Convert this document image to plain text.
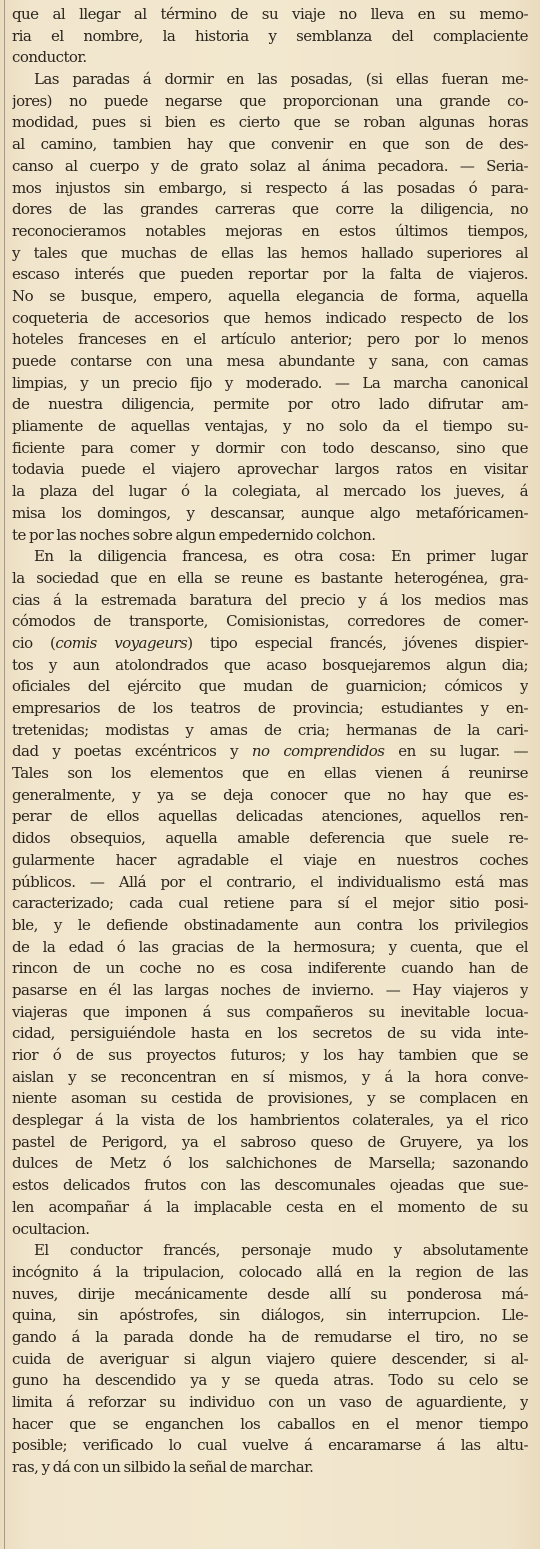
que al llegar al término de su viaje no lleva en su memo-

ria el nombre, la historia y semblanza del complaciente

conductor.

Las paradas á dormir en las posadas, (si ellas fueran me-

jores) no puede negarse que proporcionan una grande co-

modidad, pues si bien es cierto que se roban algunas horas

al camino, tambien hay que convenir en que son de des-

canso al cuerpo y de grato solaz al ánima pecadora. — Seria-

mos injustos sin embargo, si respecto á las posadas ó para-

dores de las grandes carreras que corre la diligencia, no

reconocieramos notables mejoras en estos últimos tiempos,

y tales que muchas de ellas las hemos hallado superiores al

escaso interés que pueden reportar por la falta de viajeros.

No se busque, empero, aquella elegancia de forma, aquella

coqueteria de accesorios que hemos indicado respecto de los

hoteles franceses en el artículo anterior; pero por lo menos

puede contarse con una mesa abundante y sana, con camas

limpias, y un precio fijo y moderado. — La marcha canonical

de nuestra diligencia, permite por otro lado difrutar am-

pliamente de aquellas ventajas, y no solo da el tiempo su-

ficiente para comer y dormir con todo descanso, sino que

todavia puede el viajero aprovechar largos ratos en visitar

la plaza del lugar ó la colegiata, al mercado los jueves, á

misa los domingos, y descansar, aunque algo metafóricamen-

te por las noches sobre algun empedernido colchon.

En la diligencia francesa, es otra cosa: En primer lugar

la sociedad que en ella se reune es bastante heterogénea, gra-

cias á la estremada baratura del precio y á los medios mas

cómodos de transporte, Comisionistas, corredores de comer-

cio (comis voyageurs) tipo especial francés, jóvenes dispier-

tos y aun atolondrados que acaso bosquejaremos algun dia;

oficiales del ejército que mudan de guarnicion; cómicos y

empresarios de los teatros de provincia; estudiantes y en-

tretenidas; modistas y amas de cria; hermanas de la cari-

dad y poetas excéntricos y no comprendidos en su lugar. —

Tales son los elementos que en ellas vienen á reunirse

generalmente, y ya se deja conocer que no hay que es-

perar de ellos aquellas delicadas atenciones, aquellos ren-

didos obsequios, aquella amable deferencia que suele re-

gularmente hacer agradable el viaje en nuestros coches

públicos. — Allá por el contrario, el individualismo está mas

caracterizado; cada cual retiene para sí el mejor sitio posi-

ble, y le defiende obstinadamente aun contra los privilegios

de la edad ó las gracias de la hermosura; y cuenta, que el

rincon de un coche no es cosa indiferente cuando han de

pasarse en él las largas noches de invierno. — Hay viajeros y

viajeras que imponen á sus compañeros su inevitable locua-

cidad, persiguiéndole hasta en los secretos de su vida inte-

rior ó de sus proyectos futuros; y los hay tambien que se

aislan y se reconcentran en sí mismos, y á la hora conve-

niente asoman su cestida de provisiones, y se complacen en

desplegar á la vista de los hambrientos colaterales, ya el rico

pastel de Perigord, ya el sabroso queso de Gruyere, ya los

dulces de Metz ó los salchichones de Marsella; sazonando

estos delicados frutos con las descomunales ojeadas que sue-

len acompañar á la implacable cesta en el momento de su

ocultacion.

El conductor francés, personaje mudo y absolutamente

incógnito á la tripulacion, colocado allá en la region de las

nuves, dirije mecánicamente desde allí su ponderosa má-

quina, sin apóstrofes, sin diálogos, sin interrupcion. Lle-

gando á la parada donde ha de remudarse el tiro, no se

cuida de averiguar si algun viajero quiere descender, si al-

guno ha descendido ya y se queda atras. Todo su celo se

limita á reforzar su individuo con un vaso de aguardiente, y

hacer que se enganchen los caballos en el menor tiempo

posible; verificado lo cual vuelve á encaramarse á las altu-

ras, y dá con un silbido la señal de marchar.
